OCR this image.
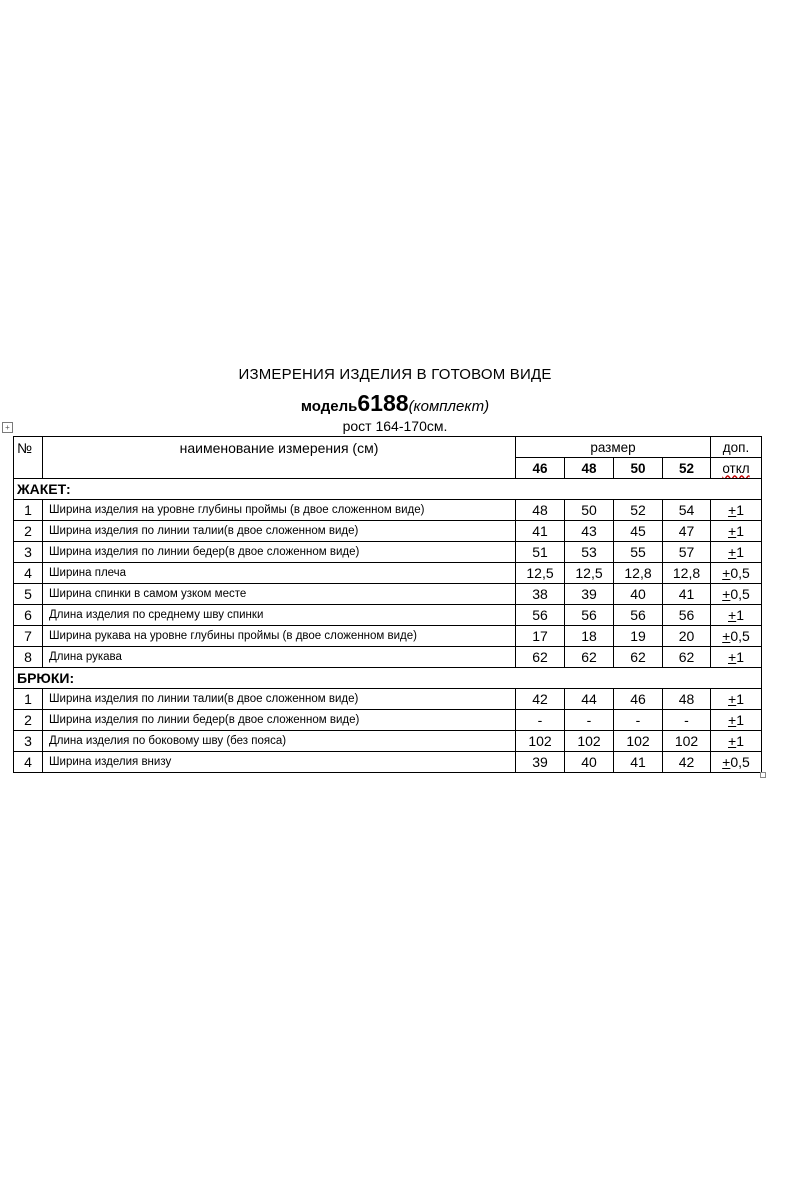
ИЗМЕРЕНИЯ ИЗДЕЛИЯ В ГОТОВОМ ВИДЕ
модель6188(комплект)
рост 164-170см.
+
№	наименование измерения (см)	размер				доп.
		46	48	50	52	откл
ЖАКЕТ:						
1	Ширина изделия на уровне глубины проймы (в двое сложенном виде)	48	50	52	54	+1
2	Ширина изделия по линии талии(в двое сложенном виде)	41	43	45	47	+1
3	Ширина изделия по линии бедер(в двое сложенном виде)	51	53	55	57	+1
4	Ширина плеча	12,5	12,5	12,8	12,8	+0,5
5	Ширина спинки в самом узком месте	38	39	40	41	+0,5
6	Длина изделия по среднему шву спинки	56	56	56	56	+1
7	Ширина рукава на уровне глубины проймы (в двое сложенном виде)	17	18	19	20	+0,5
8	Длина рукава	62	62	62	62	+1
БРЮКИ:						
1	Ширина изделия по линии талии(в двое сложенном виде)	42	44	46	48	+1
2	Ширина изделия по линии бедер(в двое сложенном виде)	-	-	-	-	+1
3	Длина изделия по боковому шву (без пояса)	102	102	102	102	+1
4	Ширина изделия внизу	39	40	41	42	+0,5
